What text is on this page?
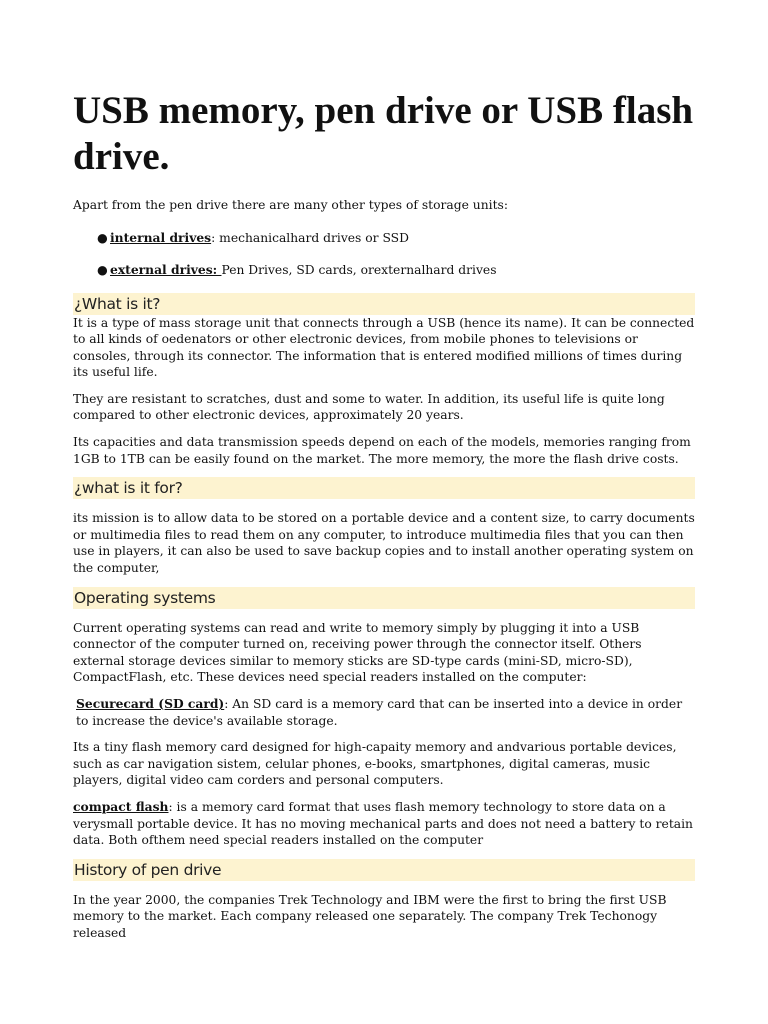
USB memory, pen drive or USB flash drive.

Apart from the pen drive there are many other types of storage units:

● internal drives: mechanicalhard drives or SSD
● external drives: Pen Drives, SD cards, orexternalhard drives
¿What is it?

It is a type of mass storage unit that connects through a USB (hence its name). It can be connected to all kinds of oedenators or other electronic devices, from mobile phones to televisions or consoles, through its connector. The information that is entered modified millions of times during its useful life.

They are resistant to scratches, dust and some to water. In addition, its useful life is quite long compared to other electronic devices, approximately 20 years.

Its capacities and data transmission speeds depend on each of the models, memories ranging from 1GB to 1TB can be easily found on the market. The more memory, the more the flash drive costs.

¿what is it for?

its mission is to allow data to be stored on a portable device and a content size, to carry documents or multimedia files to read them on any computer, to introduce multimedia files that you can then use in players, it can also be used to save backup copies and to install another operating system on the computer,

Operating systems

Current operating systems can read and write to memory simply by plugging it into a USB connector of the computer turned on, receiving power through the connector itself. Others external storage devices similar to memory sticks are SD-type cards (mini-SD, micro-SD), CompactFlash, etc. These devices need special readers installed on the computer:

Securecard (SD card): An SD card is a memory card that can be inserted into a device in order to increase the device's available storage.

Its a tiny flash memory card designed for high-capaity memory and andvarious portable devices, such as car navigation sistem, celular phones, e-books, smartphones, digital cameras, music players, digital video cam corders and personal computers.

compact flash: is a memory card format that uses flash memory technology to store data on a verysmall portable device. It has no moving mechanical parts and does not need a battery to retain data. Both ofthem need special readers installed on the computer

History of pen drive

In the year 2000, the companies Trek Technology and IBM were the first to bring the first USB memory to the market. Each company released one separately. The company Trek Techonogy released
